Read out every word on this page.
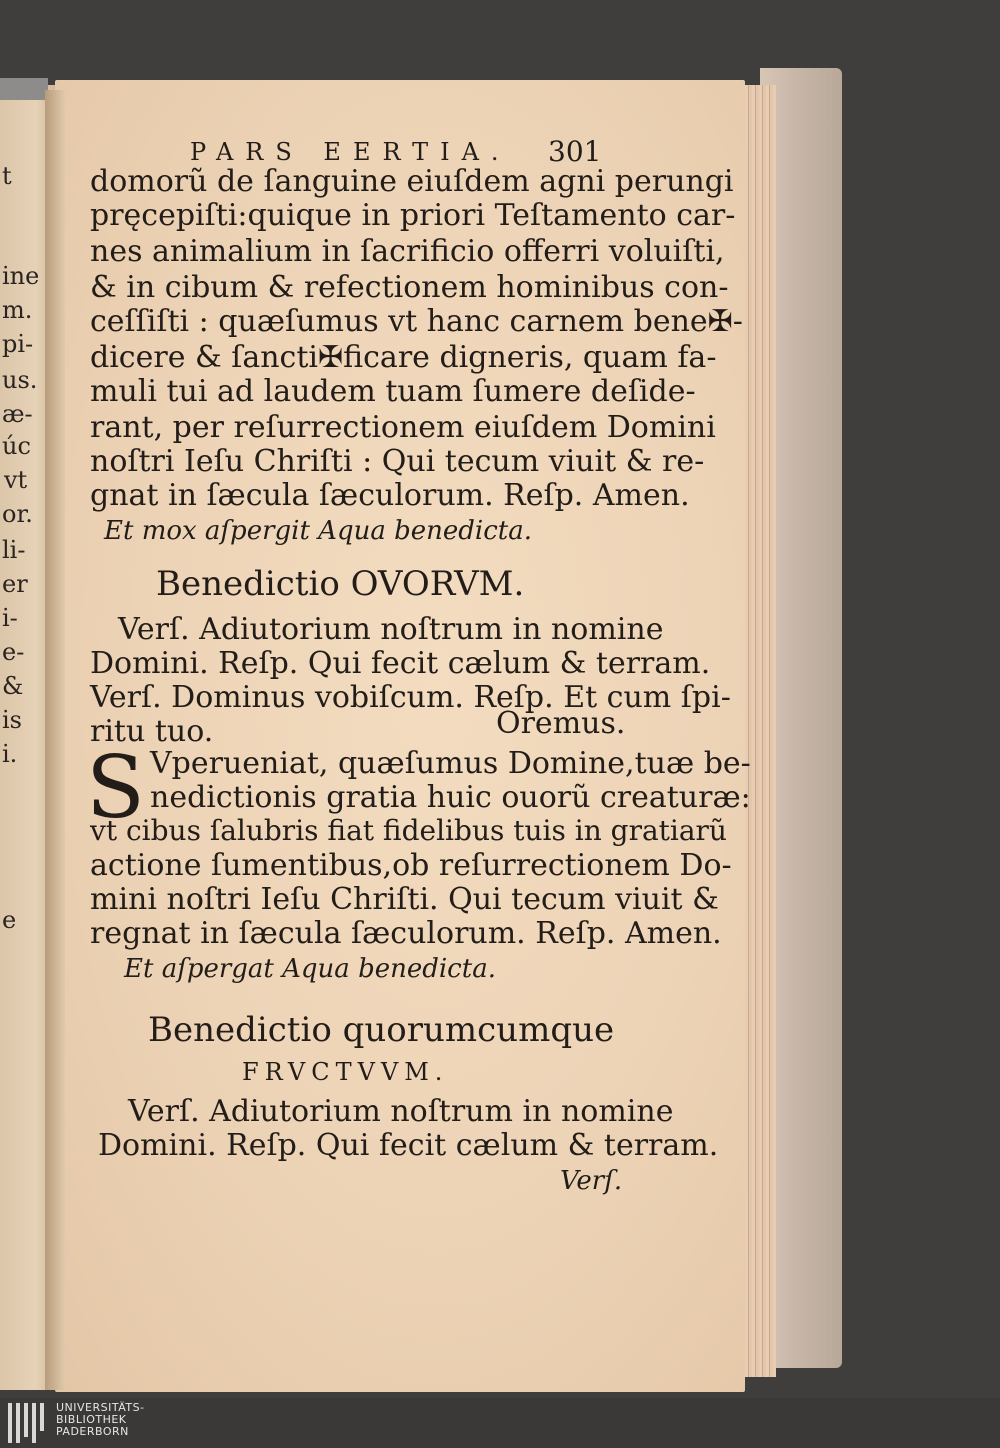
t
ine
m.
pi-
us.
æ-
úc
vt
or.
li-
er
i-
e-
&
is
i.
e
PARS EERTIA. 301
domorũ de ſanguine eiuſdem agni perungi
pręcepiſti:quique in priori Teſtamento car-
nes animalium in ſacrificio offerri voluiſti,
& in cibum & refectionem hominibus con-
ceſſiſti : quæſumus vt hanc carnem bene✠-
dicere & ſancti✠ficare digneris, quam fa-
muli tui ad laudem tuam ſumere deſide-
rant, per reſurrectionem eiuſdem Domini
noſtri Ieſu Chriſti : Qui tecum viuit & re-
gnat in ſæcula ſæculorum. Reſp. Amen.
Et mox aſpergit Aqua benedicta.
Benedictio OVORVM.
Verſ. Adiutorium noſtrum in nomine
Domini. Reſp. Qui fecit cælum & terram.
Verſ. Dominus vobiſcum. Reſp. Et cum ſpi-
ritu tuo.	Oremus.
S Vperueniat, quæſumus Domine,tuæ be-
nedictionis gratia huic ouorũ creaturæ:
vt cibus ſalubris fiat fidelibus tuis in gratiarũ
actione ſumentibus,ob reſurrectionem Do-
mini noſtri Ieſu Chriſti. Qui tecum viuit &
regnat in ſæcula ſæculorum. Reſp. Amen.
Et aſpergat Aqua benedicta.
Benedictio quorumcumque
FRVCTVVM.
Verſ. Adiutorium noſtrum in nomine
Domini. Reſp. Qui fecit cælum & terram.
Verſ.
UNIVERSITÄTS-
BIBLIOTHEK
PADERBORN
